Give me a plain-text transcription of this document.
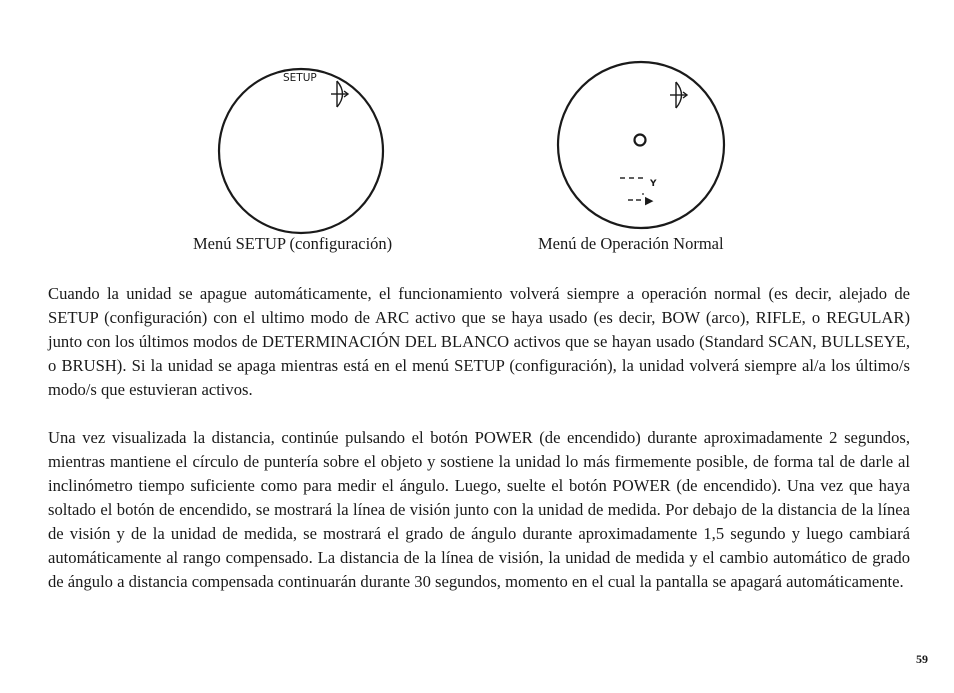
SETUP
Y
▶
Menú SETUP (configuración)	Menú de Operación Normal

Cuando la unidad se apague automáticamente, el funcionamiento volverá siempre a operación normal (es decir, alejado de SETUP (configuración) con el ultimo modo de ARC activo que se haya usado (es decir, BOW (arco), RIFLE, o REGULAR) junto con los últimos modos de DETERMINACIÓN DEL BLANCO activos que se hayan usado (Standard SCAN, BULLSEYE, o BRUSH). Si la unidad se apaga mientras está en el menú SETUP (configuración), la unidad volverá siempre al/a los último/s modo/s que estuvieran activos.

Una vez visualizada la distancia, continúe pulsando el botón POWER (de encendido) durante aproximadamente 2 segundos, mientras mantiene el círculo de puntería sobre el objeto y sostiene la unidad lo más firmemente posible, de forma tal de darle al inclinómetro tiempo suficiente como para medir el ángulo. Luego, suelte el botón POWER (de encendido). Una vez que haya soltado el botón de encendido, se mostrará la línea de visión junto con la unidad de medida. Por debajo de la distancia de la línea de visión y de la unidad de medida, se mostrará el grado de ángulo durante aproximadamente 1,5 segundo y luego cambiará automáticamente al rango compensado. La distancia de la línea de visión, la unidad de medida y el cambio automático de grado de ángulo a distancia compensada continuarán durante 30 segundos, momento en el cual la pantalla se apagará automáticamente.

59
